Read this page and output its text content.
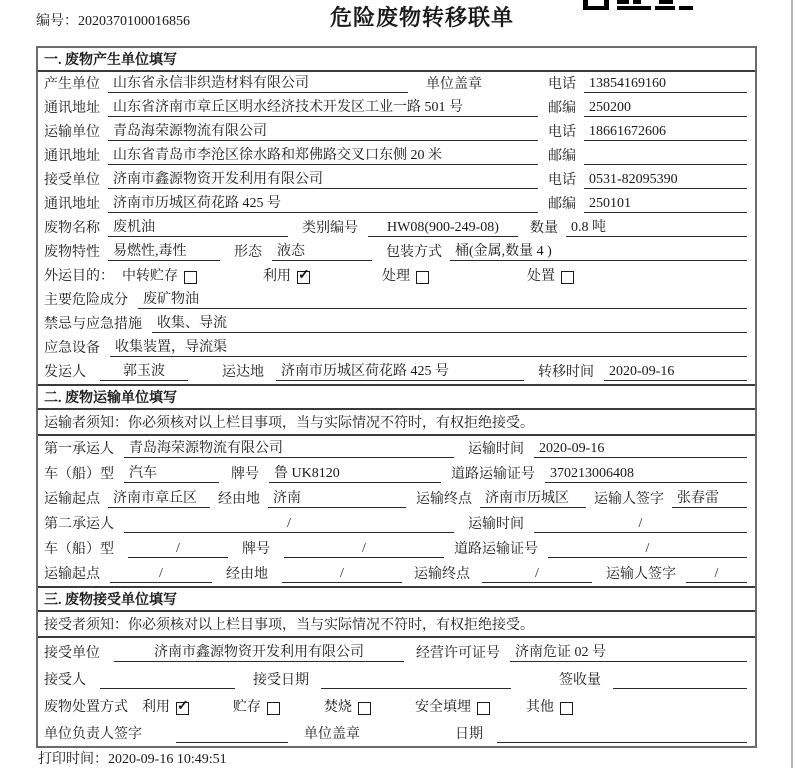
编号：2020370100016856	危险废物转移联单
一. 废物产生单位填写
产生单位 山东省永信非织造材料有限公司	单位盖章	电话 13854169160
通讯地址 山东省济南市章丘区明水经济技术开发区工业一路 501 号	邮编 250200
运输单位 青岛海荣源物流有限公司	电话 18661672606
通讯地址 山东省青岛市李沧区徐水路和郑佛路交叉口东侧 20 米	邮编
接受单位 济南市鑫源物资开发利用有限公司	电话 0531-82095390
通讯地址 济南市历城区荷花路 425 号	邮编 250101
废物名称 废机油	类别编号	HW08(900-249-08)	数量 0.8 吨
废物特性 易燃性,毒性	形态	液态	包装方式 桶(金属,数量 4 )
外运目的： 中转贮存	利用 ✓	处理	处置
主要危险成分	废矿物油
禁忌与应急措施	收集、导流
应急设备	收集装置，导流渠
发运人	郭玉波	运达地	济南市历城区荷花路 425 号	转移时间	2020-09-16
二. 废物运输单位填写
运输者须知：你必须核对以上栏目事项，当与实际情况不符时，有权拒绝接受。
第一承运人	青岛海荣源物流有限公司	运输时间	2020-09-16
车（船）型	汽车	牌号	鲁 UK8120	道路运输证号	370213006408
运输起点 济南市章丘区	经由地 济南	运输终点 济南市历城区	运输人签字 张春雷
第二承运人	/	运输时间	/
车（船）型	/	牌号	/	道路运输证号	/
运输起点	/	经由地	/	运输终点	/	运输人签字	/
三. 废物接受单位填写
接受者须知：你必须核对以上栏目事项，当与实际情况不符时，有权拒绝接受。
接受单位	济南市鑫源物资开发利用有限公司	经营许可证号	济南危证 02 号
接受人	接受日期	签收量
废物处置方式 利用 ✓	贮存	焚烧	安全填埋	其他
单位负责人签字	单位盖章	日期
打印时间：2020-09-16 10:49:51
